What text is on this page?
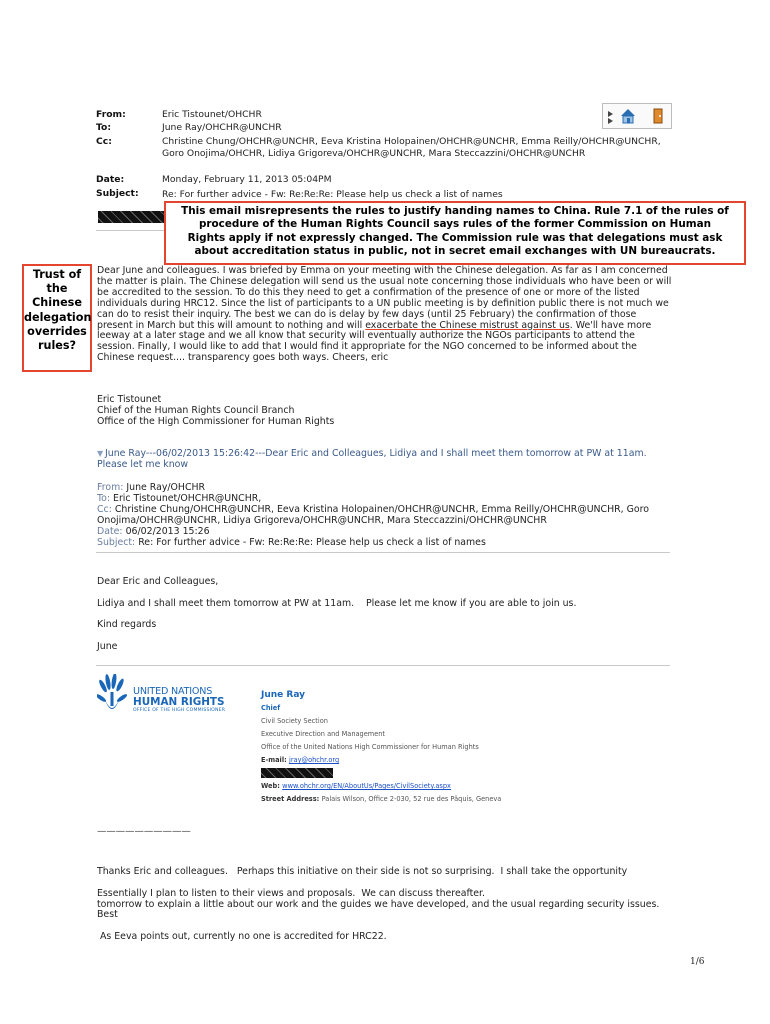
From:	Eric Tistounet/OHCHR
To:	June Ray/OHCHR@UNCHR
Cc:	Christine Chung/OHCHR@UNCHR, Eeva Kristina Holopainen/OHCHR@UNCHR, Emma Reilly/OHCHR@UNCHR,
Goro Onojima/OHCHR, Lidiya Grigoreva/OHCHR@UNCHR, Mara Steccazzini/OHCHR@UNCHR
Date:	Monday, February 11, 2013 05:04PM
Subject:	Re: For further advice - Fw: Re:Re:Re: Please help us check a list of names
This email misrepresents the rules to justify handing names to China. Rule 7.1 of the rules of
procedure of the Human Rights Council says rules of the former Commission on Human
Rights apply if not expressly changed. The Commission rule was that delegations must ask
about accreditation status in public, not in secret email exchanges with UN bureaucrats.
Trust of
the
Chinese
delegation
overrides
rules?
Dear June and colleagues. I was briefed by Emma on your meeting with the Chinese delegation. As far as I am concerned
the matter is plain. The Chinese delegation will send us the usual note concerning those individuals who have been or will
be accredited to the session. To do this they need to get a confirmation of the presence of one or more of the listed
individuals during HRC12. Since the list of participants to a UN public meeting is by definition public there is not much we
can do to resist their inquiry. The best we can do is delay by few days (until 25 February) the confirmation of those
present in March but this will amount to nothing and will exacerbate the Chinese mistrust against us. We'll have more
leeway at a later stage and we all know that security will eventually authorize the NGOs participants to attend the
session. Finally, I would like to add that I would find it appropriate for the NGO concerned to be informed about the
Chinese request.... transparency goes both ways. Cheers, eric
Eric Tistounet
Chief of the Human Rights Council Branch
Office of the High Commissioner for Human Rights
▼ June Ray---06/02/2013 15:26:42---Dear Eric and Colleagues, Lidiya and I shall meet them tomorrow at PW at 11am.
Please let me know
From: June Ray/OHCHR
To: Eric Tistounet/OHCHR@UNCHR,
Cc: Christine Chung/OHCHR@UNCHR, Eeva Kristina Holopainen/OHCHR@UNCHR, Emma Reilly/OHCHR@UNCHR, Goro
Onojima/OHCHR@UNCHR, Lidiya Grigoreva/OHCHR@UNCHR, Mara Steccazzini/OHCHR@UNCHR
Date: 06/02/2013 15:26
Subject: Re: For further advice - Fw: Re:Re:Re: Please help us check a list of names
Dear Eric and Colleagues,
Lidiya and I shall meet them tomorrow at PW at 11am.    Please let me know if you are able to join us.
Kind regards
June
UNITED NATIONS
HUMAN RIGHTS
OFFICE OF THE HIGH COMMISSIONER
June Ray
Chief
Civil Society Section
Executive Direction and Management
Office of the United Nations High Commissioner for Human Rights
E-mail: jray@ohchr.org
Web: www.ohchr.org/EN/AboutUs/Pages/CivilSociety.aspx
Street Address: Palais Wilson, Office 2-030, 52 rue des Pâquis, Geneva
——————————

Thanks Eric and colleagues.   Perhaps this initiative on their side is not so surprising.  I shall take the opportunity

tomorrow to explain a little about our work and the guides we have developed, and the usual regarding security issues.

As Eeva points out, currently no one is accredited for HRC22.

Essentially I plan to listen to their views and proposals.  We can discuss thereafter.
Best
1/6
